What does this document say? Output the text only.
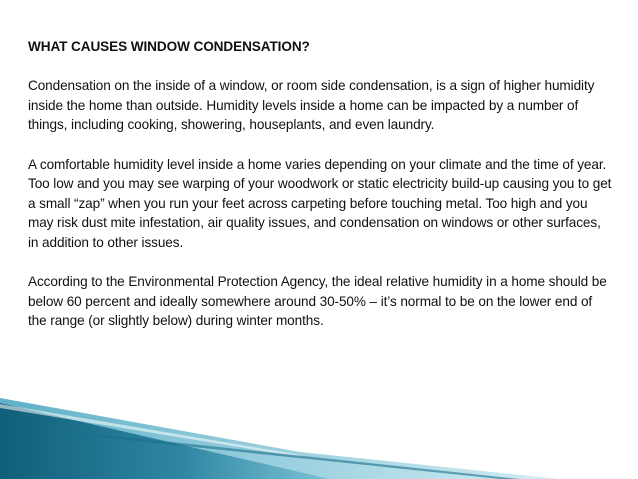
WHAT CAUSES WINDOW CONDENSATION?

Condensation on the inside of a window, or room side condensation, is a sign of higher humidity inside the home than outside. Humidity levels inside a home can be impacted by a number of things, including cooking, showering, houseplants, and even laundry.

A comfortable humidity level inside a home varies depending on your climate and the time of year. Too low and you may see warping of your woodwork or static electricity build-up causing you to get a small “zap” when you run your feet across carpeting before touching metal. Too high and you may risk dust mite infestation, air quality issues, and condensation on windows or other surfaces, in addition to other issues.

According to the Environmental Protection Agency, the ideal relative humidity in a home should be below 60 percent and ideally somewhere around 30-50% – it’s normal to be on the lower end of the range (or slightly below) during winter months.
